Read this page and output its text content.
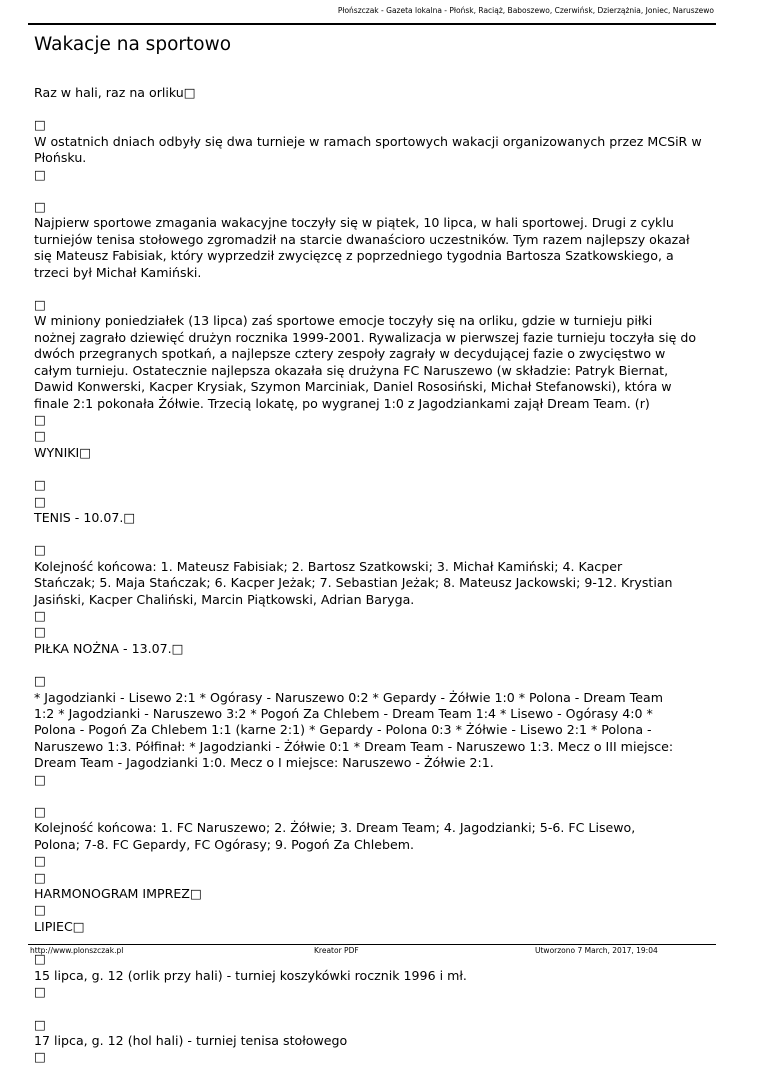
Płońszczak - Gazeta lokalna - Płońsk, Raciąż, Baboszewo, Czerwińsk, Dzierzążnia, Joniec, Naruszewo
Wakacje na sportowo

Raz w hali, raz na orliku□

□
W ostatnich dniach odbyły się dwa turnieje w ramach sportowych wakacji organizowanych przez MCSiR w
Płońsku.
□

□
Najpierw sportowe zmagania wakacyjne toczyły się w piątek, 10 lipca, w hali sportowej. Drugi z cyklu
turniejów tenisa stołowego zgromadził na starcie dwanaścioro uczestników. Tym razem najlepszy okazał
się Mateusz Fabisiak, który wyprzedził zwycięzcę z poprzedniego tygodnia Bartosza Szatkowskiego, a
trzeci był Michał Kamiński.

□
W miniony poniedziałek (13 lipca) zaś sportowe emocje toczyły się na orliku, gdzie w turnieju piłki
nożnej zagrało dziewięć drużyn rocznika 1999-2001. Rywalizacja w pierwszej fazie turnieju toczyła się do
dwóch przegranych spotkań, a najlepsze cztery zespoły zagrały w decydującej fazie o zwycięstwo w
całym turnieju. Ostatecznie najlepsza okazała się drużyna FC Naruszewo (w składzie: Patryk Biernat,
Dawid Konwerski, Kacper Krysiak, Szymon Marciniak, Daniel Rososiński, Michał Stefanowski), która w
finale 2:1 pokonała Żółwie. Trzecią lokatę, po wygranej 1:0 z Jagodziankami zajął Dream Team. (r)
□
□
WYNIKI□

□
□
TENIS - 10.07.□

□
Kolejność końcowa: 1. Mateusz Fabisiak; 2. Bartosz Szatkowski; 3. Michał Kamiński; 4. Kacper
Stańczak; 5. Maja Stańczak; 6. Kacper Jeżak; 7. Sebastian Jeżak; 8. Mateusz Jackowski; 9-12. Krystian
Jasiński, Kacper Chaliński, Marcin Piątkowski, Adrian Baryga.
□
□
PIŁKA NOŻNA - 13.07.□

□
* Jagodzianki - Lisewo 2:1 * Ogórasy - Naruszewo 0:2 * Gepardy - Żółwie 1:0 * Polona - Dream Team
1:2 * Jagodzianki - Naruszewo 3:2 * Pogoń Za Chlebem - Dream Team 1:4 * Lisewo - Ogórasy 4:0 *
Polona - Pogoń Za Chlebem 1:1 (karne 2:1) * Gepardy - Polona 0:3 * Żółwie - Lisewo 2:1 * Polona -
Naruszewo 1:3. Półfinał: * Jagodzianki - Żółwie 0:1 * Dream Team - Naruszewo 1:3. Mecz o III miejsce:
Dream Team - Jagodzianki 1:0. Mecz o I miejsce: Naruszewo - Żółwie 2:1.
□

□
Kolejność końcowa: 1. FC Naruszewo; 2. Żółwie; 3. Dream Team; 4. Jagodzianki; 5-6. FC Lisewo,
Polona; 7-8. FC Gepardy, FC Ogórasy; 9. Pogoń Za Chlebem.
□
□
HARMONOGRAM IMPREZ□
□
LIPIEC□

□
15 lipca, g. 12 (orlik przy hali) - turniej koszykówki rocznik 1996 i mł.
□

□
17 lipca, g. 12 (hol hali) - turniej tenisa stołowego
□

http://www.plonszczak.pl	Kreator PDF	Utworzono 7 March, 2017, 19:04
